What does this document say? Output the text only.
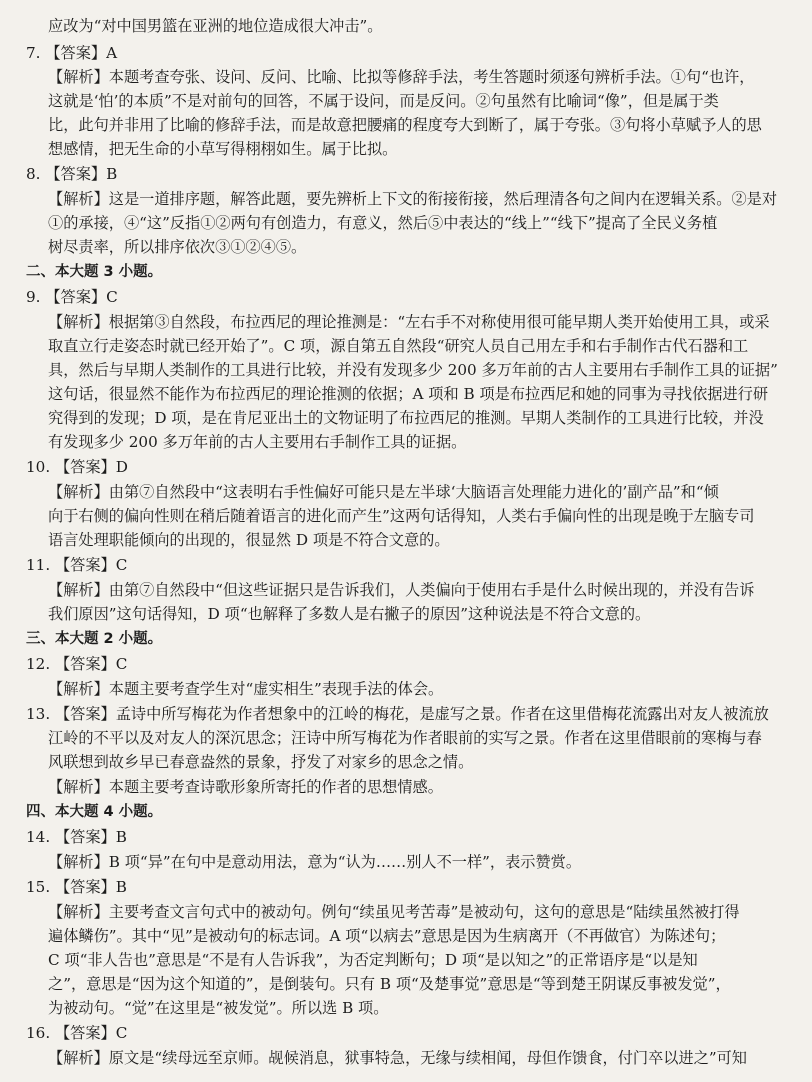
应改为“对中国男篮在亚洲的地位造成很大冲击”。
7. 【答案】A
【解析】本题考查夸张、设问、反问、比喻、比拟等修辞手法，考生答题时须逐句辨析手法。①句“也许，
这就是‘怕’的本质”不是对前句的回答，不属于设问，而是反问。②句虽然有比喻词“像”，但是属于类
比，此句并非用了比喻的修辞手法，而是故意把腰痛的程度夸大到断了，属于夸张。③句将小草赋予人的思
想感情，把无生命的小草写得栩栩如生。属于比拟。
8. 【答案】B
【解析】这是一道排序题，解答此题，要先辨析上下文的衔接衔接，然后理清各句之间内在逻辑关系。②是对
①的承接，④“这”反指①②两句有创造力，有意义，然后⑤中表达的“线上”“线下”提高了全民义务植
树尽责率，所以排序依次③①②④⑤。
二、本大题 3 小题。
9. 【答案】C
【解析】根据第③自然段，布拉西尼的理论推测是：“左右手不对称使用很可能早期人类开始使用工具，或采
取直立行走姿态时就已经开始了”。C 项，源自第五自然段“研究人员自己用左手和右手制作古代石器和工
具，然后与早期人类制作的工具进行比较，并没有发现多少 200 多万年前的古人主要用右手制作工具的证据”
这句话，很显然不能作为布拉西尼的理论推测的依据；A 项和 B 项是布拉西尼和她的同事为寻找依据进行研
究得到的发现；D 项，是在肯尼亚出土的文物证明了布拉西尼的推测。早期人类制作的工具进行比较，并没
有发现多少 200 多万年前的古人主要用右手制作工具的证据。
10. 【答案】D
【解析】由第⑦自然段中“这表明右手性偏好可能只是左半球‘大脑语言处理能力进化的’副产品”和“倾
向于右侧的偏向性则在稍后随着语言的进化而产生”这两句话得知，人类右手偏向性的出现是晚于左脑专司
语言处理职能倾向的出现的，很显然 D 项是不符合文意的。
11. 【答案】C
【解析】由第⑦自然段中“但这些证据只是告诉我们，人类偏向于使用右手是什么时候出现的，并没有告诉
我们原因”这句话得知，D 项“也解释了多数人是右撇子的原因”这种说法是不符合文意的。
三、本大题 2 小题。
12. 【答案】C
【解析】本题主要考查学生对“虚实相生”表现手法的体会。
13. 【答案】孟诗中所写梅花为作者想象中的江岭的梅花，是虚写之景。作者在这里借梅花流露出对友人被流放
江岭的不平以及对友人的深沉思念；汪诗中所写梅花为作者眼前的实写之景。作者在这里借眼前的寒梅与春
风联想到故乡早已春意盎然的景象，抒发了对家乡的思念之情。
【解析】本题主要考查诗歌形象所寄托的作者的思想情感。
四、本大题 4 小题。
14. 【答案】B
【解析】B 项“异”在句中是意动用法，意为“认为……别人不一样”，表示赞赏。
15. 【答案】B
【解析】主要考查文言句式中的被动句。例句“续虽见考苦毒”是被动句，这句的意思是“陆续虽然被打得
遍体鳞伤”。其中“见”是被动句的标志词。A 项“以病去”意思是因为生病离开（不再做官）为陈述句；
C 项“非人告也”意思是“不是有人告诉我”，为否定判断句；D 项“是以知之”的正常语序是“以是知
之”，意思是“因为这个知道的”，是倒装句。只有 B 项“及楚事觉”意思是“等到楚王阴谋反事被发觉”，
为被动句。“觉”在这里是“被发觉”。所以选 B 项。
16. 【答案】C
【解析】原文是“续母远至京师。觇候消息，狱事特急，无缘与续相闻，母但作馈食，付门卒以进之”可知
